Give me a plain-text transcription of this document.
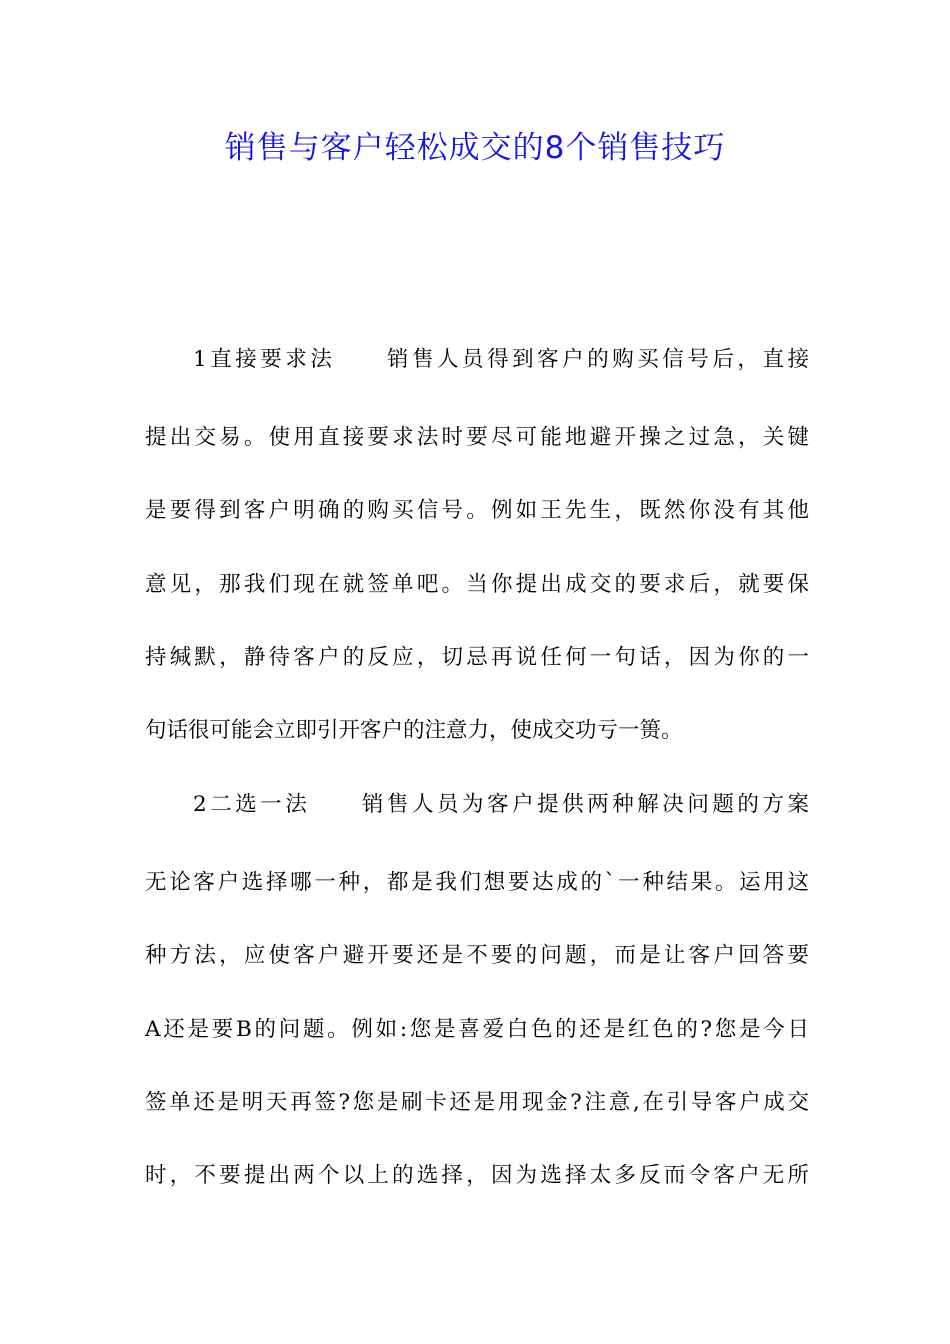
销售与客户轻松成交的8个销售技巧
1直接要求法 销售人员得到客户的购买信号后，直接
提出交易。使用直接要求法时要尽可能地避开操之过急，关键
是要得到客户明确的购买信号。例如王先生，既然你没有其他
意见，那我们现在就签单吧。当你提出成交的要求后，就要保
持缄默，静待客户的反应，切忌再说任何一句话，因为你的一
句话很可能会立即引开客户的注意力，使成交功亏一篑。
2二选一法 销售人员为客户提供两种解决问题的方案
无论客户选择哪一种，都是我们想要达成的`一种结果。运用这
种方法，应使客户避开要还是不要的问题，而是让客户回答要
A还是要B的问题。例如:您是喜爱白色的还是红色的?您是今日
签单还是明天再签?您是刷卡还是用现金?注意,在引导客户成交
时，不要提出两个以上的选择，因为选择太多反而令客户无所
